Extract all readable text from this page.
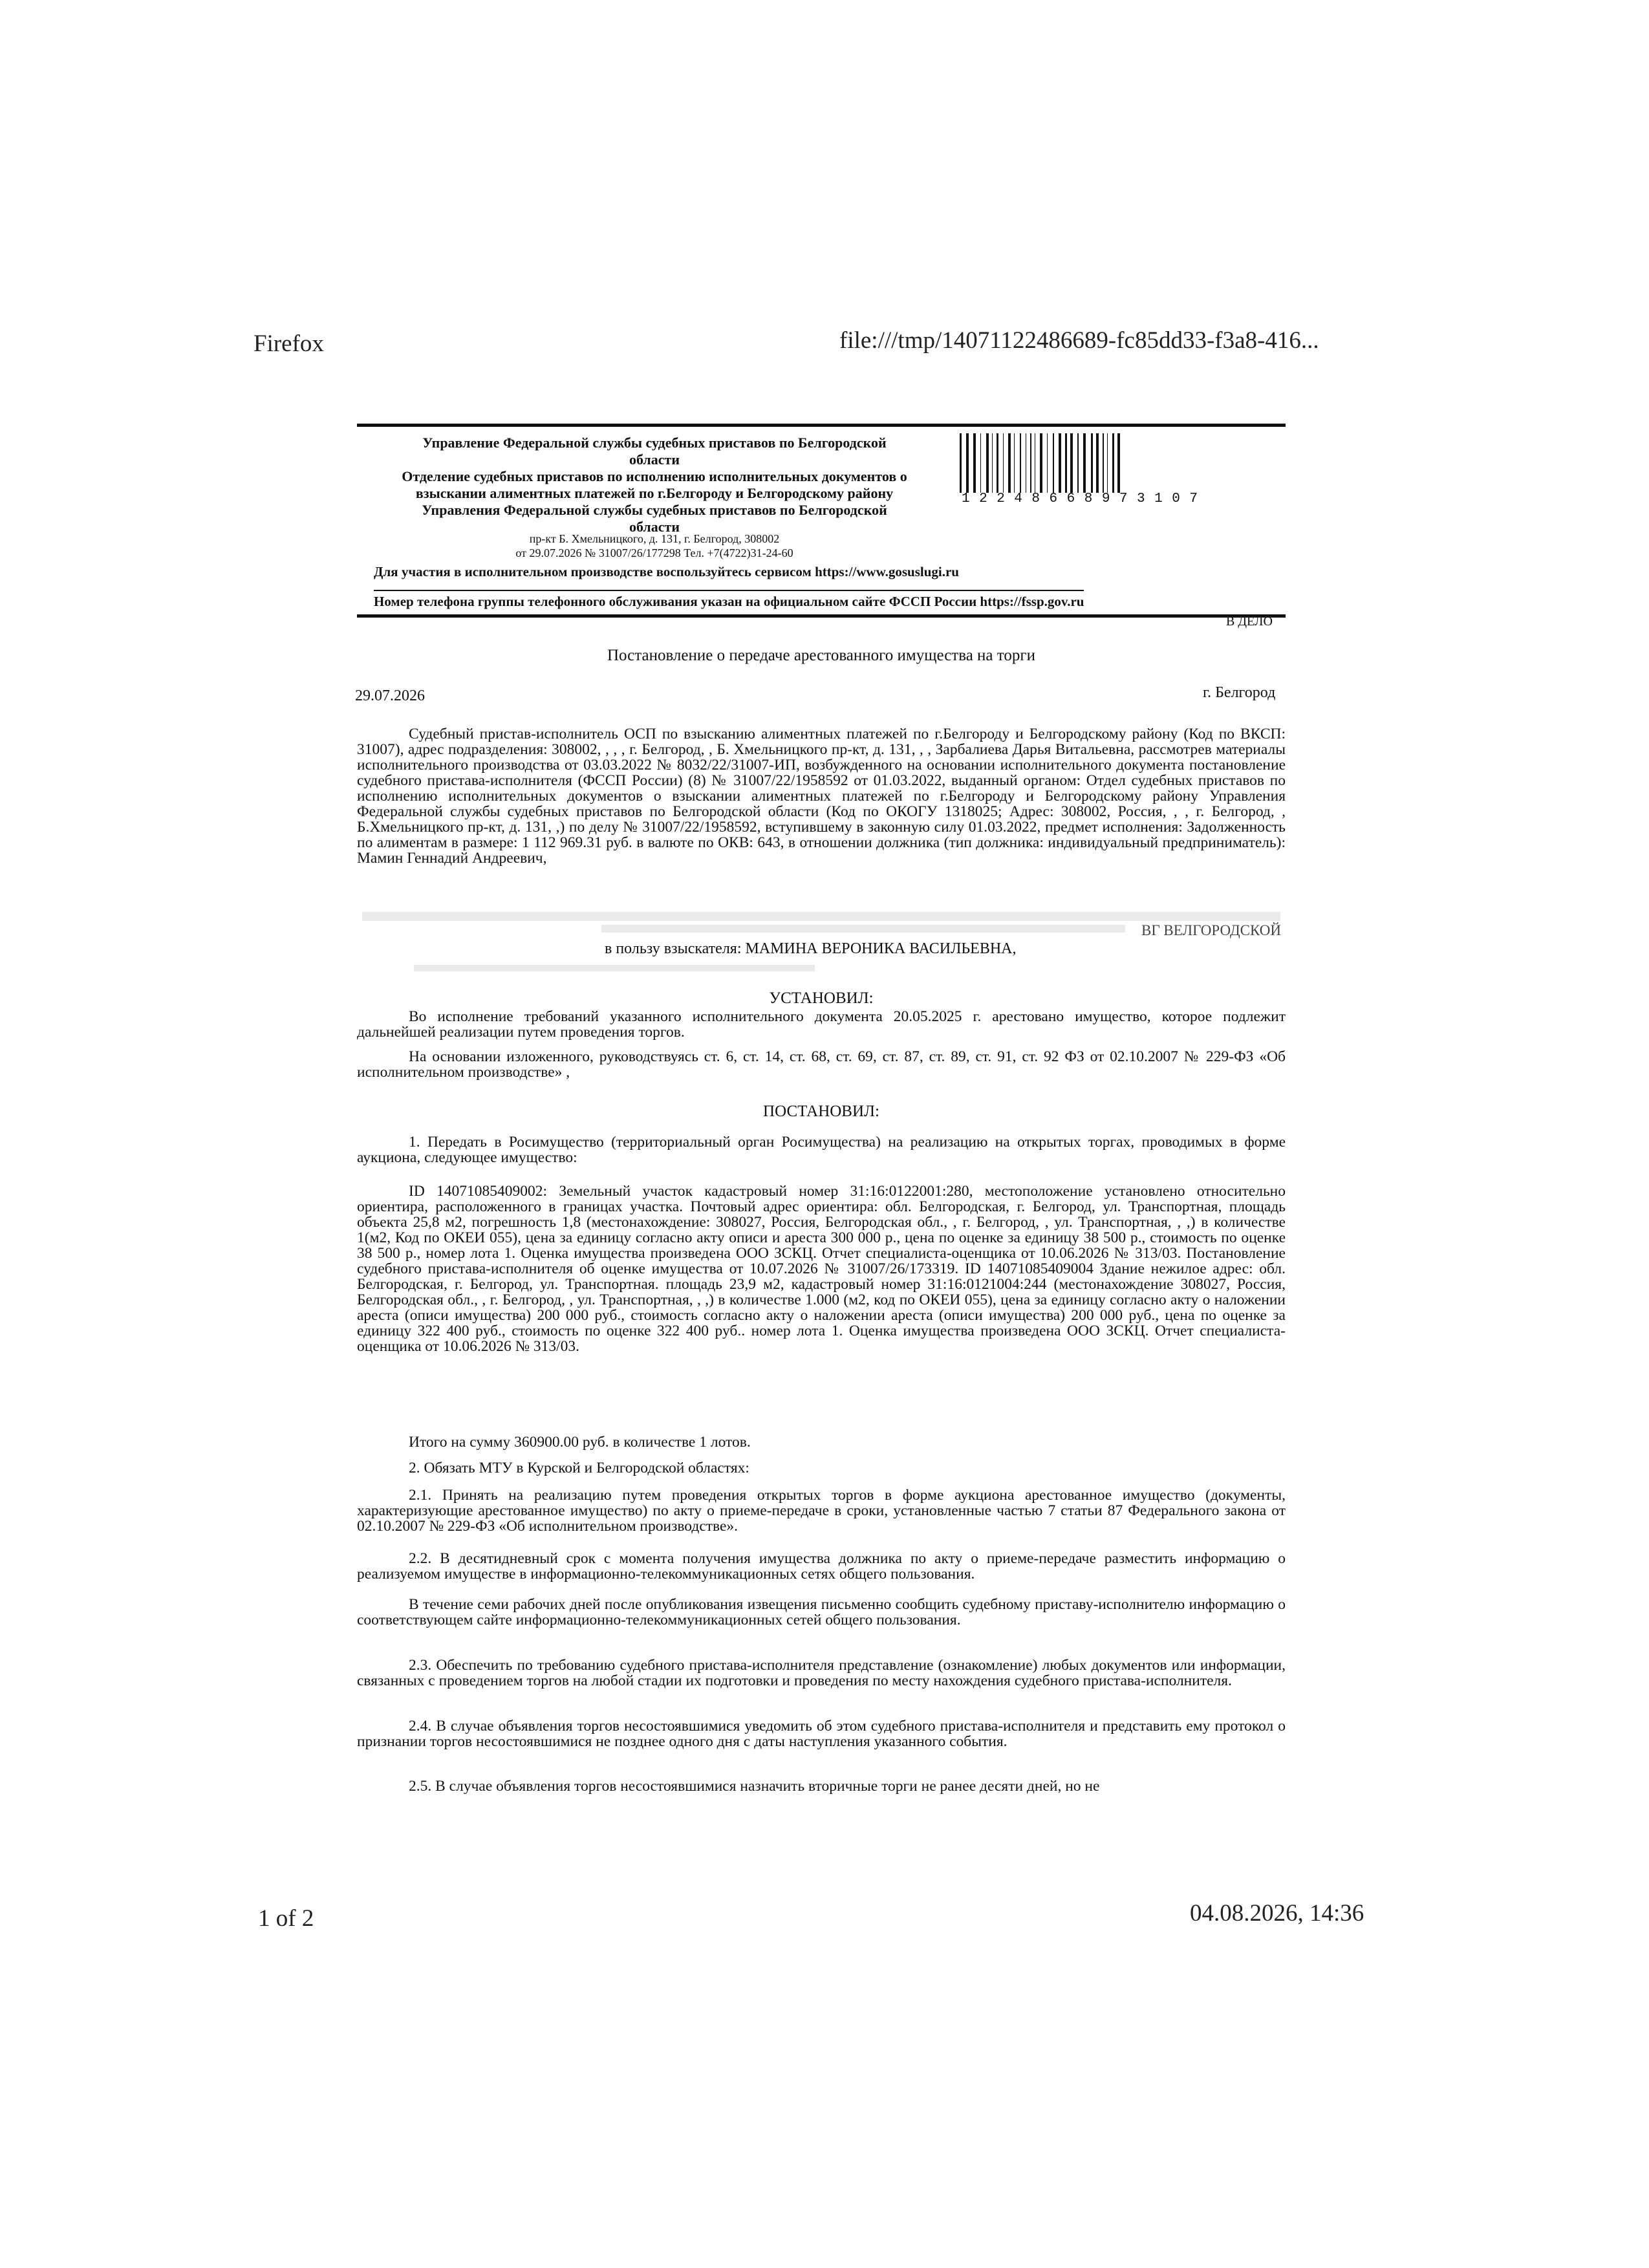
Firefox	file:///tmp/14071122486689-fc85dd33-f3a8-416...
1 of 2	04.08.2026, 14:36
Управление Федеральной службы судебных приставов по Белгородской
области
Отделение судебных приставов по исполнению исполнительных документов о
взыскании алиментных платежей по г.Белгороду и Белгородскому району
Управления Федеральной службы судебных приставов по Белгородской
области
пр-кт Б. Хмельницкого, д. 131, г. Белгород, 308002
от 29.07.2026 № 31007/26/177298 Тел. +7(4722)31-24-60
Для участия в исполнительном производстве воспользуйтесь сервисом https://www.gosuslugi.ru
Номер телефона группы телефонного обслуживания указан на официальном сайте ФССП России https://fssp.gov.ru
12248668973107
В ДЕЛО
Постановление о передаче арестованного имущества на торги
29.07.2026	г. Белгород
Судебный пристав-исполнитель ОСП по взысканию алиментных платежей по г.Белгороду и Белгородскому району (Код по ВКСП: 31007), адрес подразделения: 308002, , , , г. Белгород, , Б. Хмельницкого пр-кт, д. 131, , , Зарбалиева Дарья Витальевна, рассмотрев материалы исполнительного производства от 03.03.2022 № 8032/22/31007-ИП, возбужденного на основании исполнительного документа постановление судебного пристава-исполнителя (ФССП России) (8) № 31007/22/1958592 от 01.03.2022, выданный органом: Отдел судебных приставов по исполнению исполнительных документов о взыскании алиментных платежей по г.Белгороду и Белгородскому району Управления Федеральной службы судебных приставов по Белгородской области (Код по ОКОГУ 1318025; Адрес: 308002, Россия, , , г. Белгород, , Б.Хмельницкого пр-кт, д. 131, ,) по делу № 31007/22/1958592, вступившему в законную силу 01.03.2022, предмет исполнения: Задолженность по алиментам в размере: 1 112 969.31 руб. в валюте по ОКВ: 643, в отношении должника (тип должника: индивидуальный предприниматель): Мамин Геннадий Андреевич,
ВГ ВЕЛГОРОДСКОЙ
в пользу взыскателя: МАМИНА ВЕРОНИКА ВАСИЛЬЕВНА,
УСТАНОВИЛ:
Во исполнение требований указанного исполнительного документа 20.05.2025 г. арестовано имущество, которое подлежит дальнейшей реализации путем проведения торгов.
На основании изложенного, руководствуясь ст. 6, ст. 14, ст. 68, ст. 69, ст. 87, ст. 89, ст. 91, ст. 92 ФЗ от 02.10.2007 № 229-ФЗ «Об исполнительном производстве» ,
ПОСТАНОВИЛ:
1. Передать в Росимущество (территориальный орган Росимущества) на реализацию на открытых торгах, проводимых в форме аукциона, следующее имущество:
ID 14071085409002: Земельный участок кадастровый номер 31:16:0122001:280, местоположение установлено относительно ориентира, расположенного в границах участка. Почтовый адрес ориентира: обл. Белгородская, г. Белгород, ул. Транспортная, площадь объекта 25,8 м2, погрешность 1,8 (местонахождение: 308027, Россия, Белгородская обл., , г. Белгород, , ул. Транспортная, , ,) в количестве 1(м2, Код по ОКЕИ 055), цена за единицу согласно акту описи и ареста 300 000 р., цена по оценке за единицу 38 500 р., стоимость по оценке 38 500 р., номер лота 1. Оценка имущества произведена ООО ЗСКЦ. Отчет специалиста-оценщика от 10.06.2026 № 313/03. Постановление судебного пристава-исполнителя об оценке имущества от 10.07.2026 № 31007/26/173319. ID 14071085409004 Здание нежилое адрес: обл. Белгородская, г. Белгород, ул. Транспортная. площадь 23,9 м2, кадастровый номер 31:16:0121004:244 (местонахождение 308027, Россия, Белгородская обл., , г. Белгород, , ул. Транспортная, , ,) в количестве 1.000 (м2, код по ОКЕИ 055), цена за единицу согласно акту о наложении ареста (описи имущества) 200 000 руб., стоимость согласно акту о наложении ареста (описи имущества) 200 000 руб., цена по оценке за единицу 322 400 руб., стоимость по оценке 322 400 руб.. номер лота 1. Оценка имущества произведена ООО ЗСКЦ. Отчет специалиста-оценщика от 10.06.2026 № 313/03.
Итого на сумму 360900.00 руб. в количестве 1 лотов.
2. Обязать МТУ в Курской и Белгородской областях:
2.1. Принять на реализацию путем проведения открытых торгов в форме аукциона арестованное имущество (документы, характеризующие арестованное имущество) по акту о приеме-передаче в сроки, установленные частью 7 статьи 87 Федерального закона от 02.10.2007 № 229-ФЗ «Об исполнительном производстве».
2.2. В десятидневный срок с момента получения имущества должника по акту о приеме-передаче разместить информацию о реализуемом имуществе в информационно-телекоммуникационных сетях общего пользования.
В течение семи рабочих дней после опубликования извещения письменно сообщить судебному приставу-исполнителю информацию о соответствующем сайте информационно-телекоммуникационных сетей общего пользования.
2.3. Обеспечить по требованию судебного пристава-исполнителя представление (ознакомление) любых документов или информации, связанных с проведением торгов на любой стадии их подготовки и проведения по месту нахождения судебного пристава-исполнителя.
2.4. В случае объявления торгов несостоявшимися уведомить об этом судебного пристава-исполнителя и представить ему протокол о признании торгов несостоявшимися не позднее одного дня с даты наступления указанного события.
2.5. В случае объявления торгов несостоявшимися назначить вторичные торги не ранее десяти дней, но не
